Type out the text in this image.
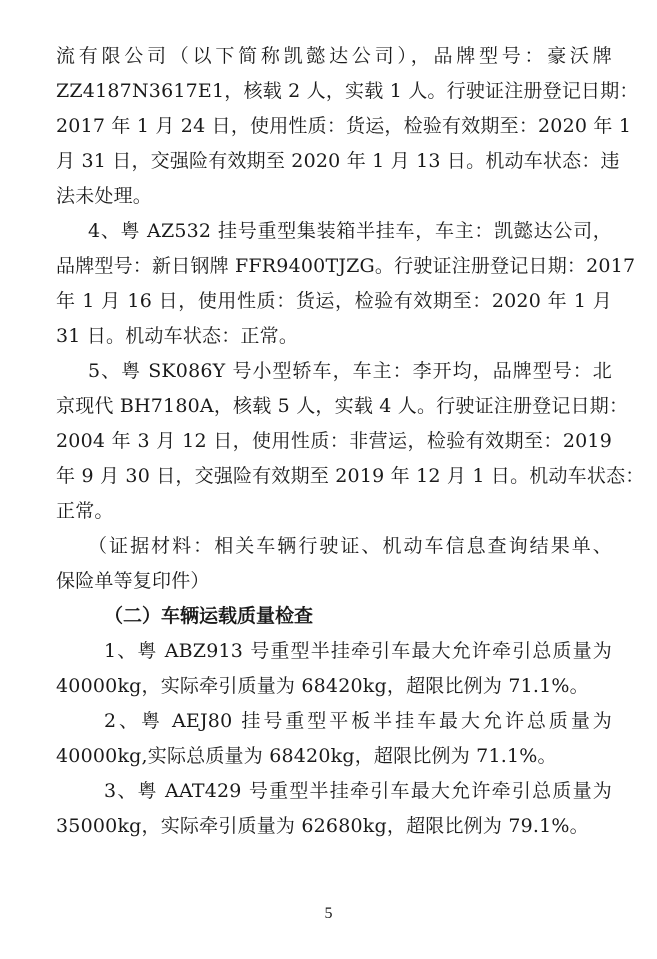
流有限公司（以下简称凯懿达公司），品牌型号：豪沃牌
ZZ4187N3617E1，核载 2 人，实载 1 人。行驶证注册登记日期：
2017 年 1 月 24 日，使用性质：货运，检验有效期至：2020 年 1
月 31 日，交强险有效期至 2020 年 1 月 13 日。机动车状态：违
法未处理。
4、粤 AZ532 挂号重型集装箱半挂车，车主：凯懿达公司，
品牌型号：新日钢牌 FFR9400TJZG。行驶证注册登记日期：2017
年 1 月 16 日，使用性质：货运，检验有效期至：2020 年 1 月
31 日。机动车状态：正常。
5、粤 SK086Y 号小型轿车，车主：李开均，品牌型号：北
京现代 BH7180A，核载 5 人，实载 4 人。行驶证注册登记日期：
2004 年 3 月 12 日，使用性质：非营运，检验有效期至：2019
年 9 月 30 日，交强险有效期至 2019 年 12 月 1 日。机动车状态：
正常。
（证据材料：相关车辆行驶证、机动车信息查询结果单、
保险单等复印件）
（二）车辆运载质量检查
1、粤 ABZ913 号重型半挂牵引车最大允许牵引总质量为
40000kg，实际牵引质量为 68420kg，超限比例为 71.1%。
2、粤 AEJ80 挂号重型平板半挂车最大允许总质量为
40000kg,实际总质量为 68420kg，超限比例为 71.1%。
3、粤 AAT429 号重型半挂牵引车最大允许牵引总质量为
35000kg，实际牵引质量为 62680kg，超限比例为 79.1%。
5
